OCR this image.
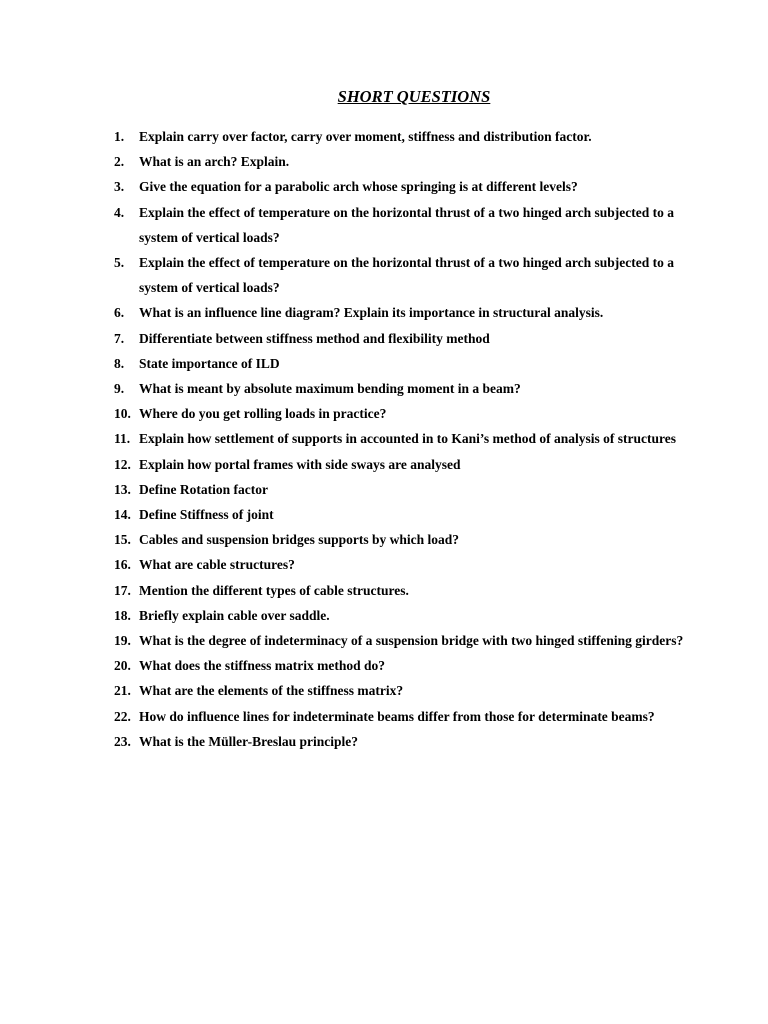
SHORT QUESTIONS
1. Explain carry over factor, carry over moment, stiffness and distribution factor.
2. What is an arch? Explain.
3. Give the equation for a parabolic arch whose springing is at different levels?
4. Explain the effect of temperature on the horizontal thrust of a two hinged arch subjected to a system of vertical loads?
5. Explain the effect of temperature on the horizontal thrust of a two hinged arch subjected to a system of vertical loads?
6. What is an influence line diagram? Explain its importance in structural analysis.
7. Differentiate between stiffness method and flexibility method
8. State importance of ILD
9. What is meant by absolute maximum bending moment in a beam?
10. Where do you get rolling loads in practice?
11. Explain how settlement of supports in accounted in to Kani’s method of analysis of structures
12. Explain how portal frames with side sways are analysed
13. Define Rotation factor
14. Define Stiffness of joint
15. Cables and suspension bridges supports by which load?
16. What are cable structures?
17. Mention the different types of cable structures.
18. Briefly explain cable over saddle.
19. What is the degree of indeterminacy of a suspension bridge with two hinged stiffening girders?
20. What does the stiffness matrix method do?
21. What are the elements of the stiffness matrix?
22. How do influence lines for indeterminate beams differ from those for determinate beams?
23. What is the Müller-Breslau principle?
